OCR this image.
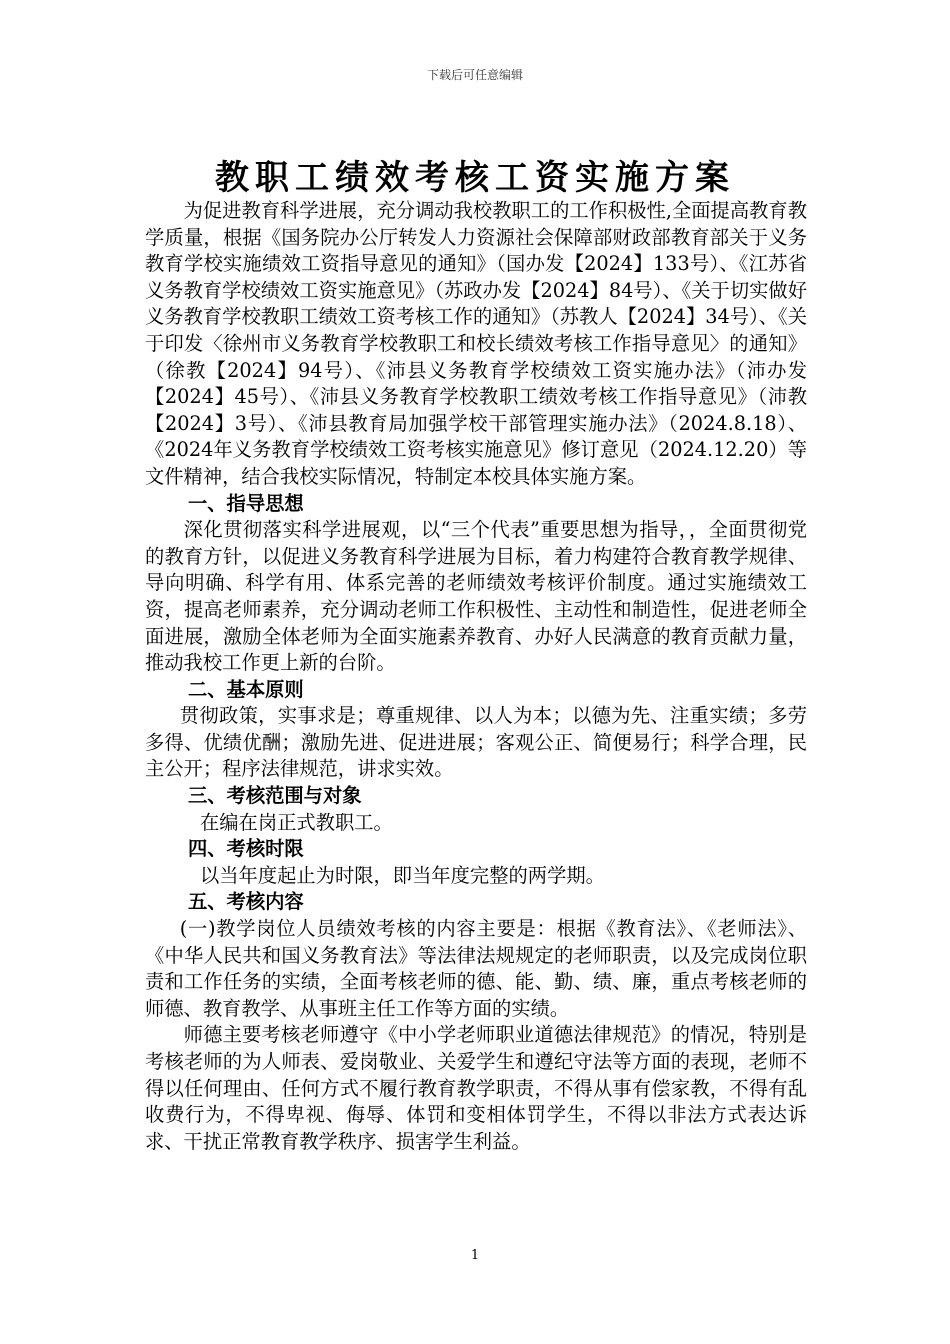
下载后可任意编辑
教职工绩效考核工资实施方案

为促进教育科学进展，充分调动我校教职工的工作积极性,全面提高教育教学质量，根据《国务院办公厅转发人力资源社会保障部财政部教育部关于义务教育学校实施绩效工资指导意见的通知》（国办发【2024】133号）、《江苏省义务教育学校绩效工资实施意见》（苏政办发【2024】84号）、《关于切实做好义务教育学校教职工绩效工资考核工作的通知》（苏教人【2024】34号）、《关于印发〈徐州市义务教育学校教职工和校长绩效考核工作指导意见〉的通知》（徐教【2024】94号）、《沛县义务教育学校绩效工资实施办法》（沛办发【2024】45号）、《沛县义务教育学校教职工绩效考核工作指导意见》（沛教【2024】3号）、《沛县教育局加强学校干部管理实施办法》（2024.8.18）、《2024年义务教育学校绩效工资考核实施意见》修订意见（2024.12.20）等文件精神，结合我校实际情况，特制定本校具体实施方案。

一、指导思想

深化贯彻落实科学进展观，以“三个代表”重要思想为指导，，全面贯彻党的教育方针，以促进义务教育科学进展为目标，着力构建符合教育教学规律、导向明确、科学有用、体系完善的老师绩效考核评价制度。通过实施绩效工资，提高老师素养，充分调动老师工作积极性、主动性和制造性，促进老师全面进展，激励全体老师为全面实施素养教育、办好人民满意的教育贡献力量，推动我校工作更上新的台阶。

二、基本原则

贯彻政策，实事求是；尊重规律、以人为本；以德为先、注重实绩；多劳多得、优绩优酬；激励先进、促进进展；客观公正、简便易行；科学合理，民主公开；程序法律规范，讲求实效。

三、考核范围与对象

在编在岗正式教职工。

四、考核时限

以当年度起止为时限，即当年度完整的两学期。

五、考核内容

(一)教学岗位人员绩效考核的内容主要是：根据《教育法》、《老师法》、《中华人民共和国义务教育法》等法律法规规定的老师职责，以及完成岗位职责和工作任务的实绩，全面考核老师的德、能、勤、绩、廉，重点考核老师的师德、教育教学、从事班主任工作等方面的实绩。

师德主要考核老师遵守《中小学老师职业道德法律规范》的情况，特别是考核老师的为人师表、爱岗敬业、关爱学生和遵纪守法等方面的表现，老师不得以任何理由、任何方式不履行教育教学职责，不得从事有偿家教，不得有乱收费行为，不得卑视、侮辱、体罚和变相体罚学生，不得以非法方式表达诉求、干扰正常教育教学秩序、损害学生利益。

1
